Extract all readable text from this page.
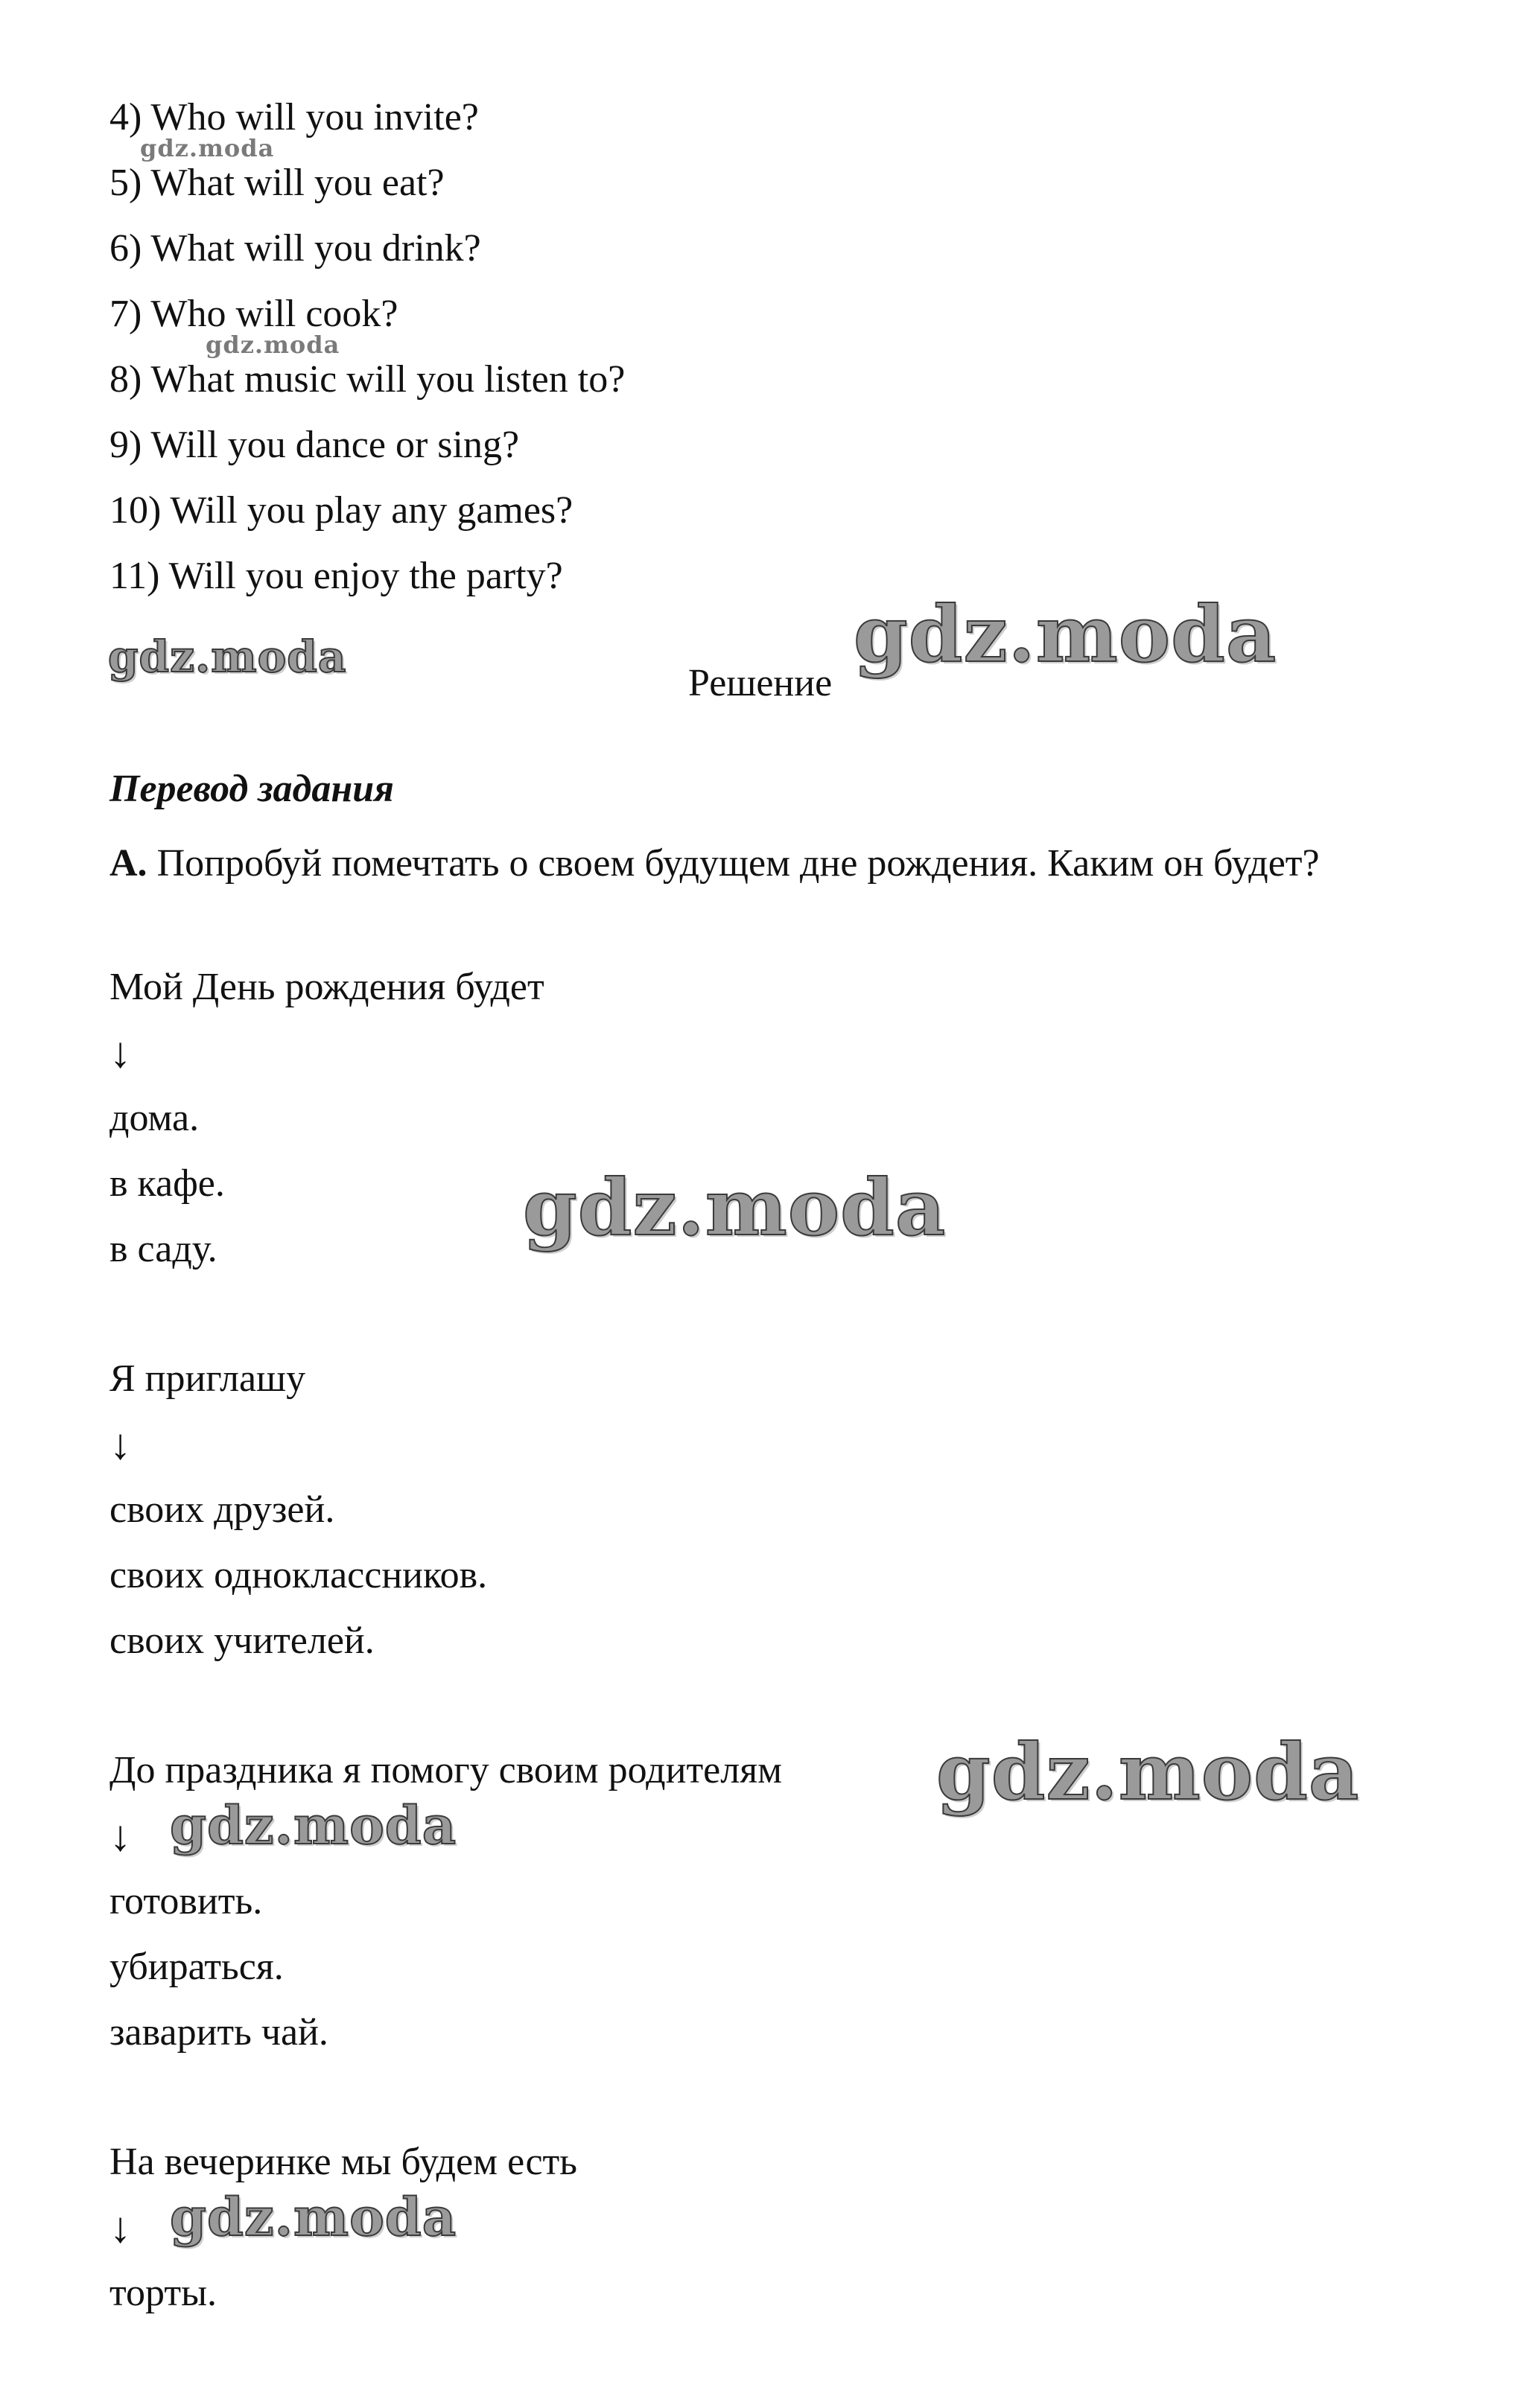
4) Who will you invite?
5) What will you eat?
6) What will you drink?
7) Who will cook?
8) What music will you listen to?
9) Will you dance or sing?
10) Will you play any games?
11) Will you enjoy the party?
Решение
Перевод задания
А. Попробуй помечтать о своем будущем дне рождения. Каким он будет?
Мой День рождения будет
↓
дома.
в кафе.
в саду.
Я приглашу
↓
своих друзей.
своих одноклассников.
своих учителей.
До праздника я помогу своим родителям
↓
готовить.
убираться.
заварить чай.
На вечеринке мы будем есть
↓
торты.
gdz.moda
gdz.moda
gdz.moda	gdz.moda
gdz.moda
gdz.moda
gdz.moda
gdz.moda
